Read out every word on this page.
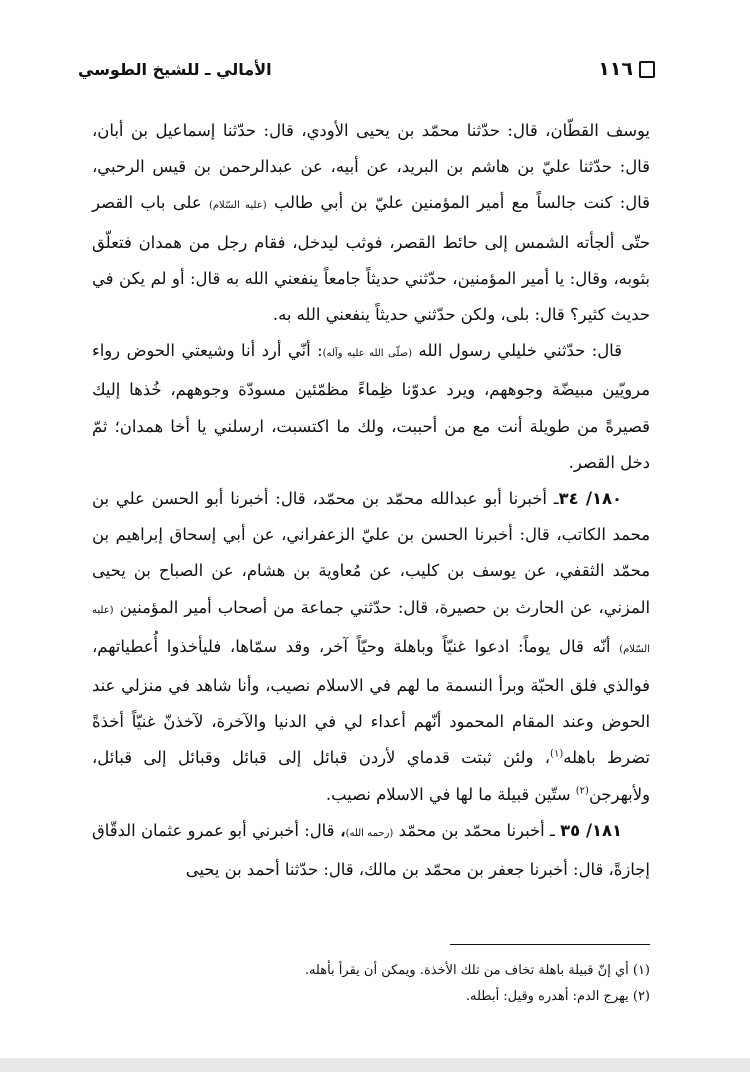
١١٦
الأمالي ـ للشيخ الطوسي

يوسف القطّان، قال: حدّثنا محمّد بن يحيى الأودي، قال: حدّثنا إسماعيل بن أبان، قال: حدّثنا عليّ بن هاشم بن البريد، عن أبيه، عن عبدالرحمن بن قيس الرحبي، قال: كنت جالساً مع أمير المؤمنين عليّ بن أبي طالب (عليه السّلام) على باب القصر حتّى ألجأته الشمس إلى حائط القصر، فوثب ليدخل، فقام رجل من همدان فتعلّق بثوبه، وقال: يا أمير المؤمنين، حدّثني حديثاً جامعاً ينفعني الله به قال: أو لم يكن في حديث كثير؟ قال: بلى، ولكن حدّثني حديثاً ينفعني الله به.

قال: حدّثني خليلي رسول الله (صلّى الله عليه وآله): أنّي أرد أنا وشيعتي الحوض رواء مرويّين مبيضّة وجوههم، ويرد عدوّنا ظِماءً مظمّئين مسودّة وجوههم، خُذها إليك قصيرةً من طويلة أنت مع من أحببت، ولك ما اكتسبت، ارسلني يا أخا همدان؛ ثمّ دخل القصر.

١٨٠/ ٣٤ـ أخبرنا أبو عبدالله محمّد بن محمّد، قال: أخبرنا أبو الحسن علي بن محمد الكاتب، قال: أخبرنا الحسن بن عليّ الزعفراني، عن أبي إسحاق إبراهيم بن محمّد الثقفي، عن يوسف بن كليب، عن مُعاوية بن هشام، عن الصباح بن يحيى المزني، عن الحارث بن حصيرة، قال: حدّثني جماعة من أصحاب أمير المؤمنين (عليه السّلام) أنّه قال يوماً: ادعوا غنيّاً وباهلة وحيّاً آخر، وقد سمّاها، فليأخذوا أُعطياتهم، فوالذي فلق الحبّة وبرأ النسمة ما لهم في الاسلام نصيب، وأنا شاهد في منزلي عند الحوض وعند المقام المحمود أنّهم أعداء لي في الدنيا والآخرة، لآخذنّ غنيّاً أخذةً تضرط باهله$^{(١)}$، ولئن ثبتت قدماي لأردن قبائل إلى قبائل وقبائل إلى قبائل، ولأبهرجن$^{(٢)}$ ستّين قبيلة ما لها في الاسلام نصيب.

١٨١/ ٣٥ ـ أخبرنا محمّد بن محمّد (رحمه الله)، قال: أخبرني أبو عمرو عثمان الدقّاق إجازةً، قال: أخبرنا جعفر بن محمّد بن مالك، قال: حدّثنا أحمد بن يحيى

(١) أي إنّ قبيلة باهلة تخاف من تلك الأخذة. ويمكن أن يقرأ بأهله.

(٢) يهرج الدم: أهدره وقيل: أبطله.
